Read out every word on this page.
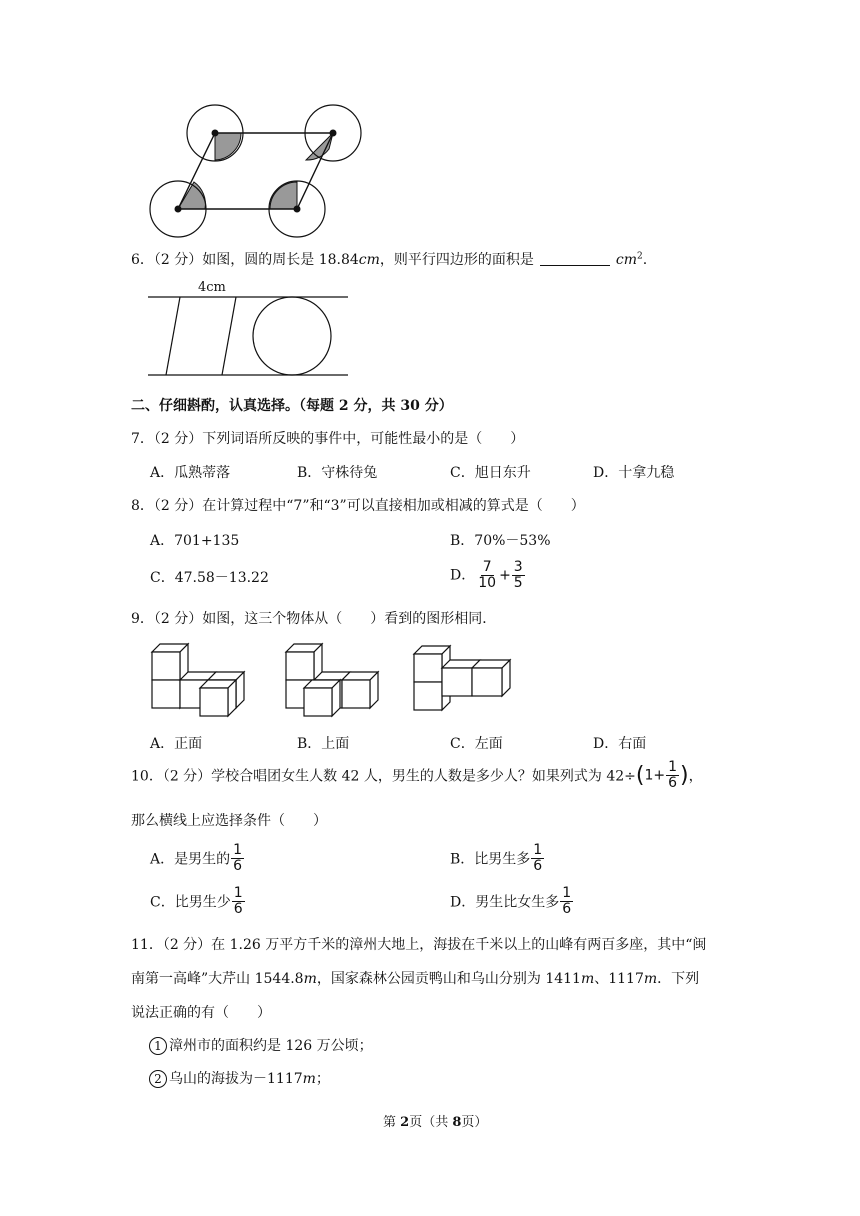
6．（2 分）如图，圆的周长是 18.84cm，则平行四边形的面积是	$cm^2$.
4cm
二、仔细斟酌，认真选择。（每题 2 分，共 30 分）
7．（2 分）下列词语所反映的事件中，可能性最小的是（　　）
A．瓜熟蒂落	B．守株待兔	C．旭日东升	D．十拿九稳
8．（2 分）在计算过程中“7”和“3”可以直接相加或相减的算式是（　　）
A．701+135	B．70%－53%
C．47.58－13.22	D． $\frac{7}{10} + \frac{3}{5}$
9．（2 分）如图，这三个物体从（　　）看到的图形相同．
A．正面	B．上面	C．左面	D．右面
10．（2 分）学校合唱团女生人数 42 人，男生的人数是多少人？如果列式为 $42\div(1+ \frac{1}{6}$ )，
那么横线上应选择条件（　　）
A．是男生的 $\frac{1}{6}$	B．比男生多 $\frac{1}{6}$
C．比男生少 $\frac{1}{6}$	D．男生比女生多 $\frac{1}{6}$
11．（2 分）在 1.26 万平方千米的漳州大地上，海拔在千米以上的山峰有两百多座，其中“闽
南第一高峰”大芹山 1544.8m，国家森林公园贡鸭山和乌山分别为 1411m、1117m．下列
说法正确的有（　　）
1 漳州市的面积约是 126 万公顷；
2 乌山的海拔为－1117m；
第 2页（共 8页）
